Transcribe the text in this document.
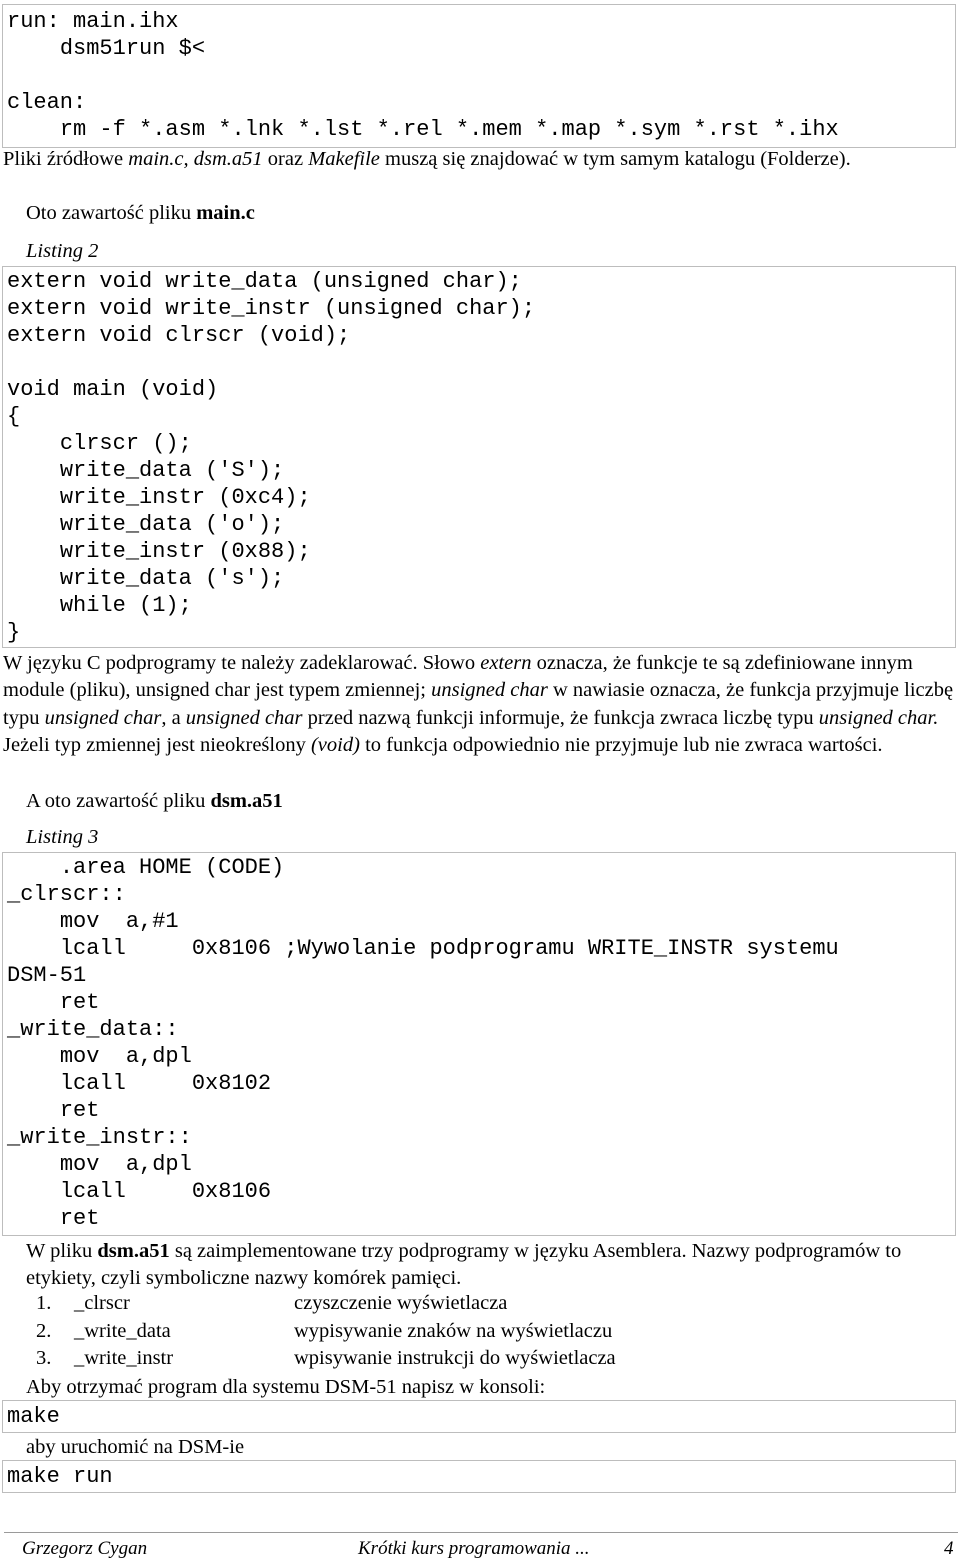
run: main.ihx
	dsm51run $<

clean:
	rm -f *.asm *.lnk *.lst *.rel *.mem *.map *.sym *.rst *.ihx
Pliki źródłowe main.c, dsm.a51 oraz Makefile muszą się znajdować w tym samym katalogu (Folderze).
Oto zawartość pliku main.c
Listing 2
extern void write_data (unsigned char);
extern void write_instr (unsigned char);
extern void clrscr (void);

void main (void)
{
	clrscr ();
	write_data ('S');
	write_instr (0xc4);
	write_data ('o');
	write_instr (0x88);
	write_data ('s');
	while (1);
}
W języku C podprogramy te należy zadeklarować. Słowo extern oznacza, że funkcje te są zdefiniowane innym module (pliku), unsigned char jest typem zmiennej; unsigned char w nawiasie oznacza, że funkcja przyjmuje liczbę typu unsigned char, a unsigned char przed nazwą funkcji informuje, że funkcja zwraca liczbę typu unsigned char. Jeżeli typ zmiennej jest nieokreślony (void) to funkcja odpowiednio nie przyjmuje lub nie zwraca wartości.
A oto zawartość pliku dsm.a51
Listing 3
	.area HOME (CODE)
_clrscr::
	mov  a,#1
	lcall     0x8106 ;Wywolanie podprogramu WRITE_INSTR systemu
DSM-51
	ret
_write_data::
	mov  a,dpl
	lcall     0x8102
	ret
_write_instr::
	mov  a,dpl
	lcall     0x8106
	ret
W pliku dsm.a51 są zaimplementowane trzy podprogramy w języku Asemblera. Nazwy podprogramów to etykiety, czyli symboliczne nazwy komórek pamięci.
1. _clrscr	czyszczenie wyświetlacza
2. _write_data	wypisywanie znaków na wyświetlaczu
3. _write_instr	wpisywanie instrukcji do wyświetlacza
Aby otrzymać program dla systemu DSM-51 napisz w konsoli:
make
aby uruchomić na DSM-ie
make run
Grzegorz Cygan	Krótki kurs programowania ...	4
